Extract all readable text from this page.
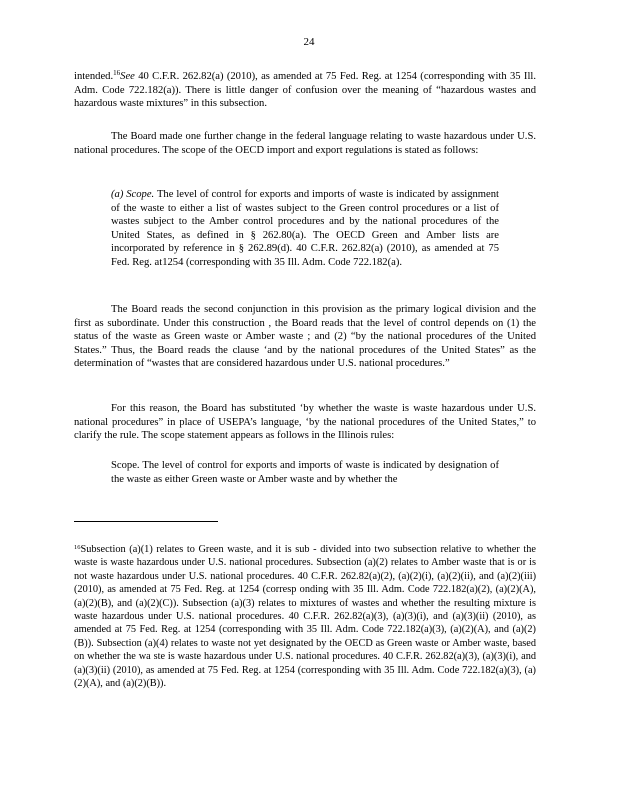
24

intended.$^{16}$See 40 C.F.R. 262.82(a) (2010), as amended at 75 Fed. Reg. at 1254 (corresponding with 35 Ill. Adm. Code 722.182(a)). There is little danger of confusion over the meaning of “hazardous wastes and hazardous waste mixtures” in this subsection.

The Board made one further change in the federal language relating to waste hazardous under U.S. national procedures. The scope of the OECD import and export regulations is stated as follows:

(a) Scope. The level of control for exports and imports of waste is indicated by assignment of the waste to either a list of wastes subject to the Green control procedures or a list of wastes subject to the Amber control procedures and by the national procedures of the United States, as defined in § 262.80(a). The OECD Green and Amber lists are incorporated by reference in § 262.89(d). 40 C.F.R. 262.82(a) (2010), as amended at 75 Fed. Reg. at1254 (corresponding with 35 Ill. Adm. Code 722.182(a).

The Board reads the second conjunction in this provision as the primary logical division and the first as subordinate. Under this construction , the Board reads that the level of control depends on (1) the status of the waste as Green waste or Amber waste ; and (2) “by the national procedures of the United States.” Thus, the Board reads the clause ‘and by the national procedures of the United States” as the determination of “wastes that are considered hazardous under U.S. national procedures.”

For this reason, the Board has substituted ‘by whether the waste is waste hazardous under U.S. national procedures” in place of USEPA’s language, ‘by the national procedures of the United States,” to clarify the rule. The scope statement appears as follows in the Illinois rules:

Scope. The level of control for exports and imports of waste is indicated by designation of the waste as either Green waste or Amber waste and by whether the

$^{16}$Subsection (a)(1) relates to Green waste, and it is sub - divided into two subsection relative to whether the waste is waste hazardous under U.S. national procedures. Subsection (a)(2) relates to Amber waste that is or is not waste hazardous under U.S. national procedures. 40 C.F.R. 262.82(a)(2), (a)(2)(i), (a)(2)(ii), and (a)(2)(iii) (2010), as amended at 75 Fed. Reg. at 1254 (corresp onding with 35 Ill. Adm. Code 722.182(a)(2), (a)(2)(A), (a)(2)(B), and (a)(2)(C)). Subsection (a)(3) relates to mixtures of wastes and whether the resulting mixture is waste hazardous under U.S. national procedures. 40 C.F.R. 262.82(a)(3), (a)(3)(i), and (a)(3)(ii) (2010), as amended at 75 Fed. Reg. at 1254 (corresponding with 35 Ill. Adm. Code 722.182(a)(3), (a)(2)(A), and (a)(2)(B)). Subsection (a)(4) relates to waste not yet designated by the OECD as Green waste or Amber waste, based on whether the wa ste is waste hazardous under U.S. national procedures. 40 C.F.R. 262.82(a)(3), (a)(3)(i), and (a)(3)(ii) (2010), as amended at 75 Fed. Reg. at 1254 (corresponding with 35 Ill. Adm. Code 722.182(a)(3), (a)(2)(A), and (a)(2)(B)).
